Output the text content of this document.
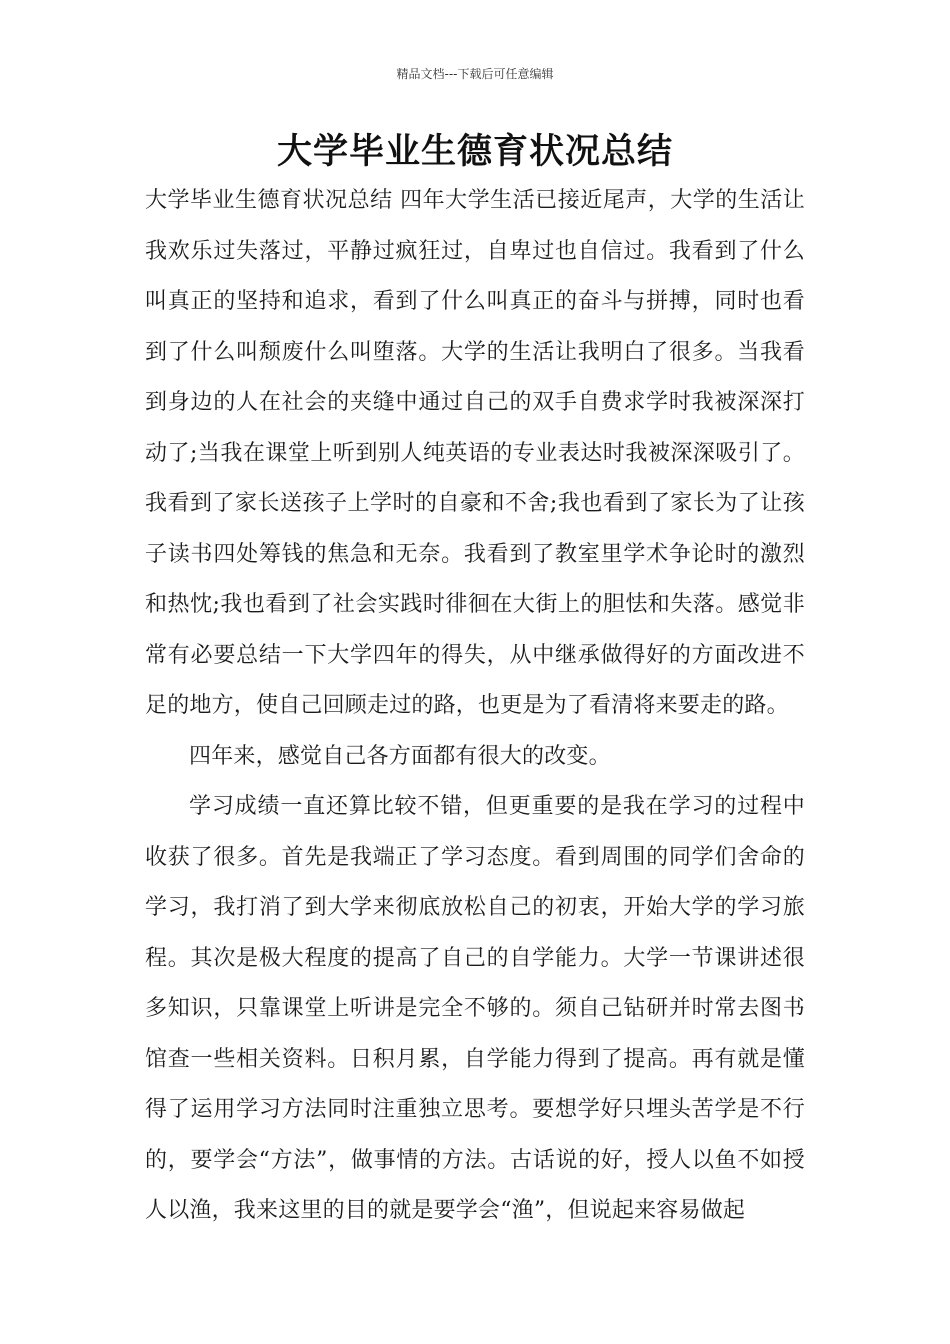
精品文档---下载后可任意编辑
大学毕业生德育状况总结

大学毕业生德育状况总结 四年大学生活已接近尾声，大学的生活让我欢乐过失落过，平静过疯狂过，自卑过也自信过。我看到了什么叫真正的坚持和追求，看到了什么叫真正的奋斗与拼搏，同时也看到了什么叫颓废什么叫堕落。大学的生活让我明白了很多。当我看到身边的人在社会的夹缝中通过自己的双手自费求学时我被深深打动了;当我在课堂上听到别人纯英语的专业表达时我被深深吸引了。我看到了家长送孩子上学时的自豪和不舍;我也看到了家长为了让孩子读书四处筹钱的焦急和无奈。我看到了教室里学术争论时的激烈和热忱;我也看到了社会实践时徘徊在大街上的胆怯和失落。感觉非常有必要总结一下大学四年的得失，从中继承做得好的方面改进不足的地方，使自己回顾走过的路，也更是为了看清将来要走的路。

四年来，感觉自己各方面都有很大的改变。

学习成绩一直还算比较不错，但更重要的是我在学习的过程中收获了很多。首先是我端正了学习态度。看到周围的同学们舍命的学习，我打消了到大学来彻底放松自己的初衷，开始大学的学习旅程。其次是极大程度的提高了自己的自学能力。大学一节课讲述很多知识，只靠课堂上听讲是完全不够的。须自己钻研并时常去图书馆查一些相关资料。日积月累，自学能力得到了提高。再有就是懂得了运用学习方法同时注重独立思考。要想学好只埋头苦学是不行的，要学会“方法”，做事情的方法。古话说的好，授人以鱼不如授人以渔，我来这里的目的就是要学会“渔”，但说起来容易做起
